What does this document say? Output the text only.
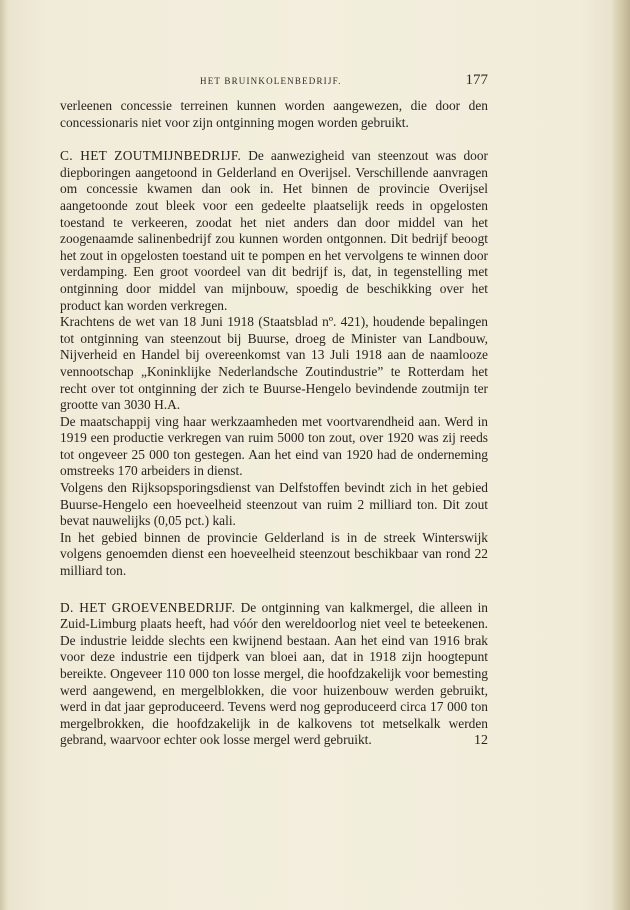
HET BRUINKOLENBEDRIJF.	177

verleenen concessie terreinen kunnen worden aangewezen, die door den concessionaris niet voor zijn ontginning mogen worden gebruikt.

C. HET ZOUTMIJNBEDRIJF. De aanwezigheid van steenzout was door diepboringen aangetoond in Gelderland en Overijsel. Verschillende aanvragen om concessie kwamen dan ook in. Het binnen de provincie Overijsel aangetoonde zout bleek voor een gedeelte plaatselijk reeds in opgelosten toestand te verkeeren, zoodat het niet anders dan door middel van het zoogenaamde salinenbedrijf zou kunnen worden ontgonnen. Dit bedrijf beoogt het zout in opgelosten toestand uit te pompen en het vervolgens te winnen door verdamping. Een groot voordeel van dit bedrijf is, dat, in tegenstelling met ontginning door middel van mijnbouw, spoedig de beschikking over het product kan worden verkregen.

Krachtens de wet van 18 Juni 1918 (Staatsblad nº. 421), houdende bepalingen tot ontginning van steenzout bij Buurse, droeg de Minister van Landbouw, Nijverheid en Handel bij overeenkomst van 13 Juli 1918 aan de naamlooze vennootschap „Koninklijke Nederlandsche Zoutindustrie” te Rotterdam het recht over tot ontginning der zich te Buurse-Hengelo bevindende zoutmijn ter grootte van 3030 H.A.

De maatschappij ving haar werkzaamheden met voortvarendheid aan. Werd in 1919 een productie verkregen van ruim 5000 ton zout, over 1920 was zij reeds tot ongeveer 25 000 ton gestegen. Aan het eind van 1920 had de onderneming omstreeks 170 arbeiders in dienst.

Volgens den Rijksopsporingsdienst van Delfstoffen bevindt zich in het gebied Buurse-Hengelo een hoeveelheid steenzout van ruim 2 milliard ton. Dit zout bevat nauwelijks (0,05 pct.) kali.

In het gebied binnen de provincie Gelderland is in de streek Winterswijk volgens genoemden dienst een hoeveelheid steenzout beschikbaar van rond 22 milliard ton.

D. HET GROEVENBEDRIJF. De ontginning van kalkmergel, die alleen in Zuid-Limburg plaats heeft, had vóór den wereldoorlog niet veel te beteekenen. De industrie leidde slechts een kwijnend bestaan. Aan het eind van 1916 brak voor deze industrie een tijdperk van bloei aan, dat in 1918 zijn hoogtepunt bereikte. Ongeveer 110 000 ton losse mergel, die hoofdzakelijk voor bemesting werd aangewend, en mergelblokken, die voor huizenbouw werden gebruikt, werd in dat jaar geproduceerd. Tevens werd nog geproduceerd circa 17 000 ton mergelbrokken, die hoofdzakelijk in de kalkovens tot metselkalk werden gebrand, waarvoor echter ook losse mergel werd gebruikt.	12
